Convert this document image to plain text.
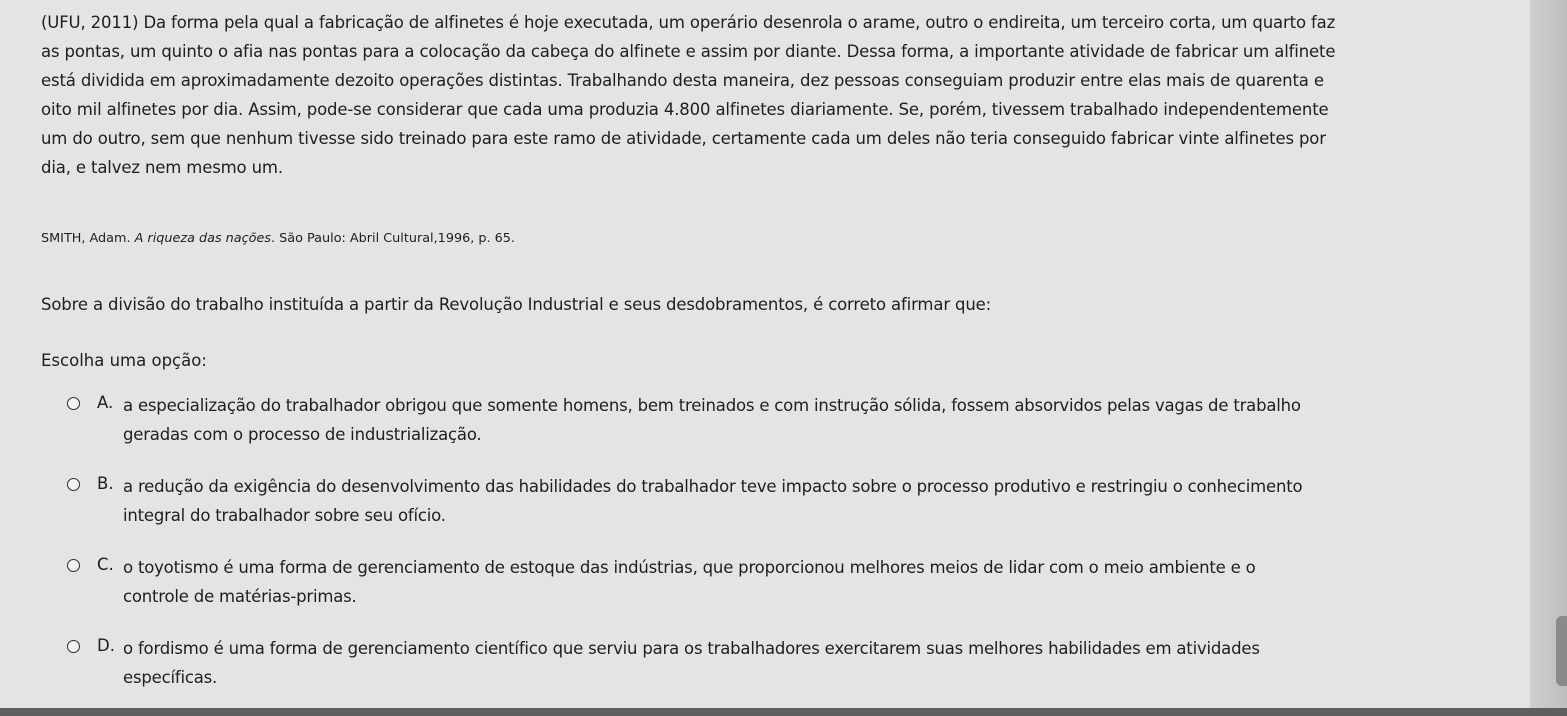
(UFU, 2011) Da forma pela qual a fabricação de alfinetes é hoje executada, um operário desenrola o arame, outro o endireita, um terceiro corta, um quarto faz
as pontas, um quinto o afia nas pontas para a colocação da cabeça do alfinete e assim por diante. Dessa forma, a importante atividade de fabricar um alfinete
está dividida em aproximadamente dezoito operações distintas. Trabalhando desta maneira, dez pessoas conseguiam produzir entre elas mais de quarenta e
oito mil alfinetes por dia. Assim, pode-se considerar que cada uma produzia 4.800 alfinetes diariamente. Se, porém, tivessem trabalhado independentemente
um do outro, sem que nenhum tivesse sido treinado para este ramo de atividade, certamente cada um deles não teria conseguido fabricar vinte alfinetes por
dia, e talvez nem mesmo um.
SMITH, Adam. A riqueza das nações. São Paulo: Abril Cultural,1996, p. 65.
Sobre a divisão do trabalho instituída a partir da Revolução Industrial e seus desdobramentos, é correto afirmar que:
Escolha uma opção:
A. a especialização do trabalhador obrigou que somente homens, bem treinados e com instrução sólida, fossem absorvidos pelas vagas de trabalho
geradas com o processo de industrialização.
B. a redução da exigência do desenvolvimento das habilidades do trabalhador teve impacto sobre o processo produtivo e restringiu o conhecimento
integral do trabalhador sobre seu ofício.
C. o toyotismo é uma forma de gerenciamento de estoque das indústrias, que proporcionou melhores meios de lidar com o meio ambiente e o
controle de matérias-primas.
D. o fordismo é uma forma de gerenciamento científico que serviu para os trabalhadores exercitarem suas melhores habilidades em atividades
específicas.
